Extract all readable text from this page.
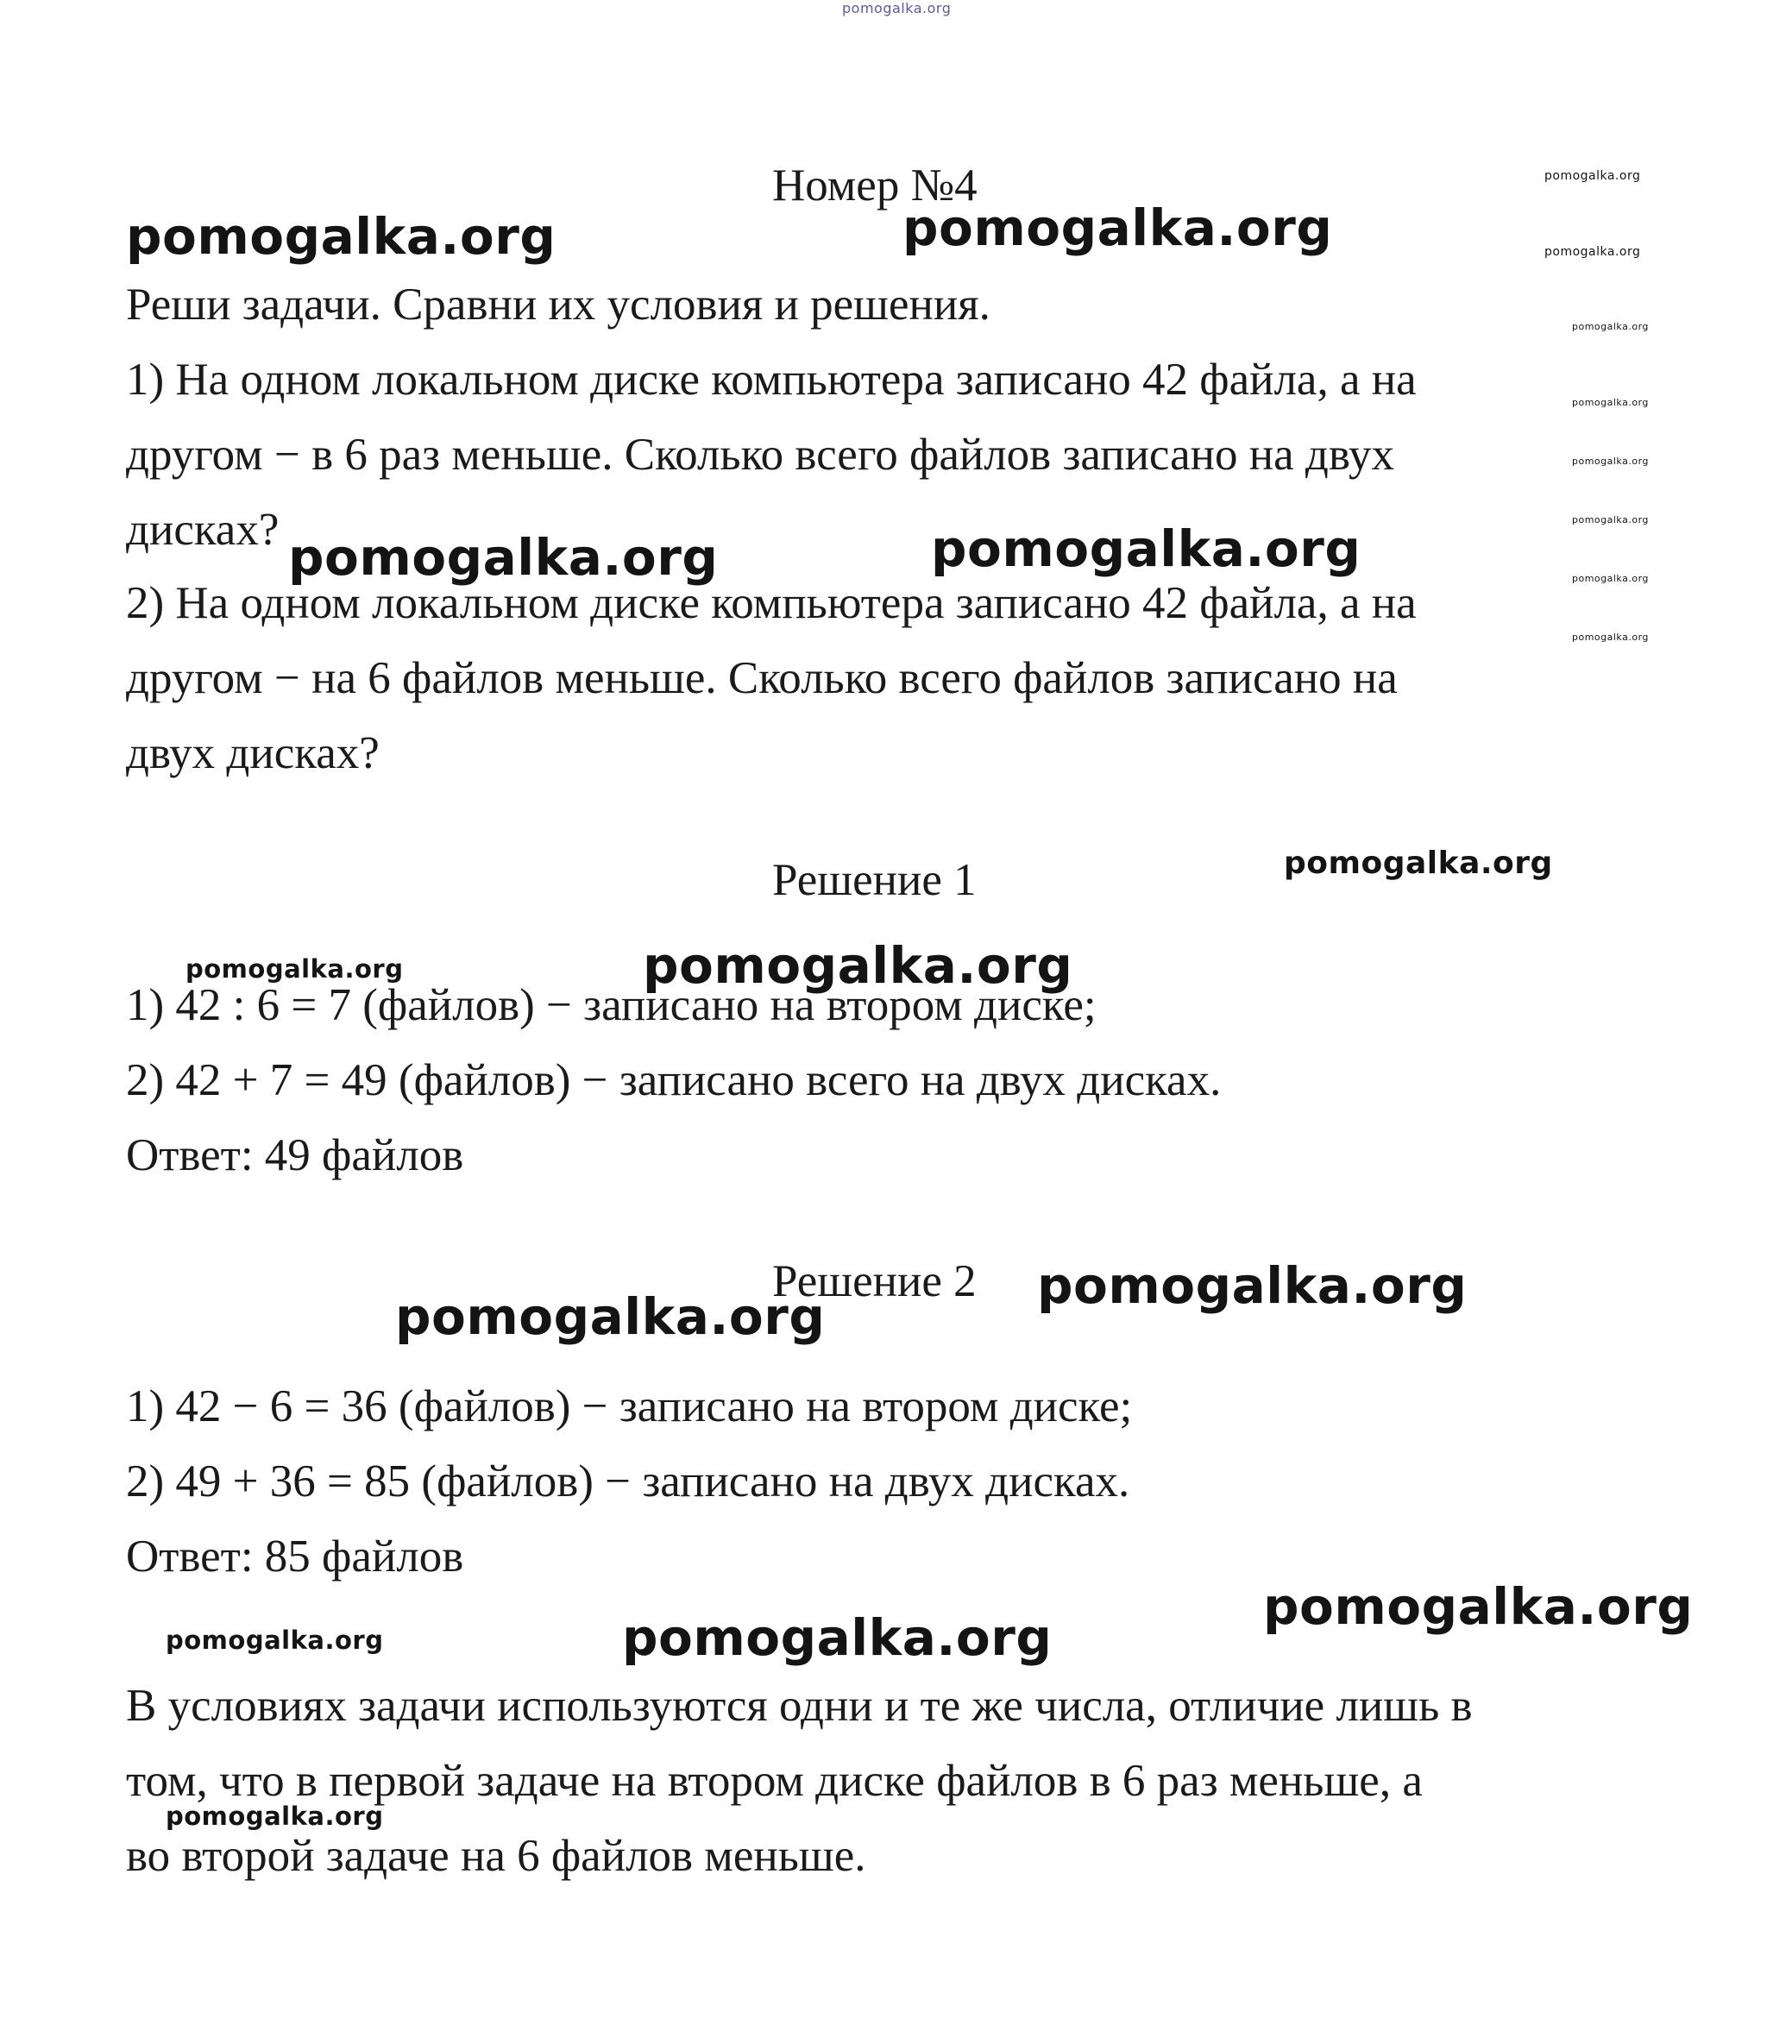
pomogalka.org

Номер №4

Реши задачи. Сравни их условия и решения.

1) На одном локальном диске компьютера записано 42 файла, а на

другом − в 6 раз меньше. Сколько всего файлов записано на двух

дисках?

2) На одном локальном диске компьютера записано 42 файла, а на

другом − на 6 файлов меньше. Сколько всего файлов записано на

двух дисках?

Решение 1

1) 42 : 6 = 7 (файлов) − записано на втором диске;

2) 42 + 7 = 49 (файлов) − записано всего на двух дисках.

Ответ: 49 файлов

Решение 2

1) 42 − 6 = 36 (файлов) − записано на втором диске;

2) 49 + 36 = 85 (файлов) − записано на двух дисках.

Ответ: 85 файлов

В условиях задачи используются одни и те же числа, отличие лишь в

том, что в первой задаче на втором диске файлов в 6 раз меньше, а

во второй задаче на 6 файлов меньше.

pomogalka.org	pomogalka.org
pomogalka.org
pomogalka.org
pomogalka.org
pomogalka.org
pomogalka.org
pomogalka.org
pomogalka.org
pomogalka.org
pomogalka.org	pomogalka.org
pomogalka.org
pomogalka.org	pomogalka.org
pomogalka.org
pomogalka.org
pomogalka.org
pomogalka.org	pomogalka.org
pomogalka.org
